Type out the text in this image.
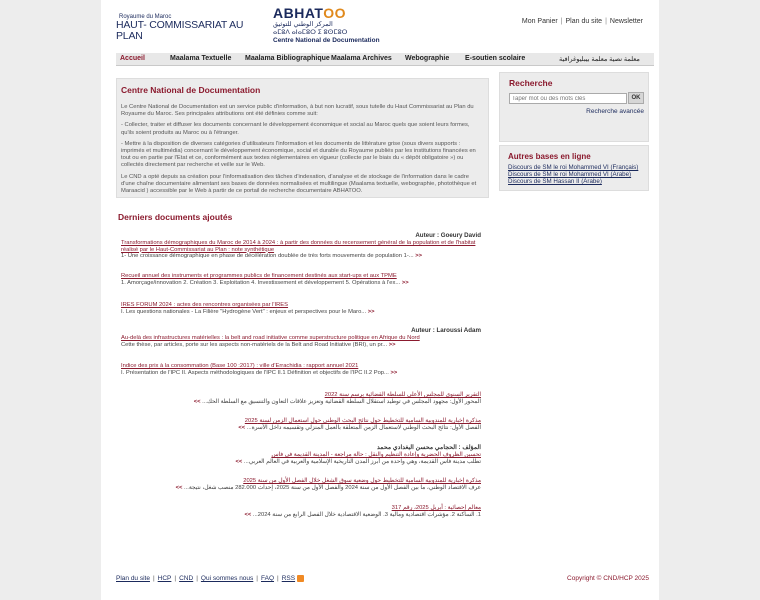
Royaume du Maroc
HAUT- COMMISSARIAT AU PLAN
ABHATOO
المركز الوطني للتوثيق
ⴰⵎⵓⴷ ⴰⵏⴰⵎⵓⵔ ⵉ ⵓⵙⵎⵓⵔ
Centre National de Documentation
Mon Panier | Plan du site | Newsletter
Accueil	Maalama Textuelle Maalama Bibliographique Maalama Archives Webographie E-soutien scolaire	معلمة نصية معلمة بيبليوغرافية
Centre National de Documentation

Le Centre National de Documentation est un service public d'information, à but non lucratif, sous tutelle du Haut Commissariat au Plan du Royaume du Maroc. Ses principales attributions ont été définies comme suit:

- Collecter, traiter et diffuser les documents concernant le développement économique et social au Maroc quels que soient leurs formes, qu'ils soient produits au Maroc ou à l'étranger.

- Mettre à la disposition de diverses catégories d'utilisateurs l'information et les documents de littérature grise (sous divers supports : imprimés et multimédia) concernant le développement économique, social et durable du Royaume publiés par les institutions financées en tout ou en partie par l'Etat et ce, conformément aux textes réglementaires en vigueur (collecte par le biais du « dépôt obligatoire ») ou collectés directement par recherche et veille sur le Web.

Le CND a opté depuis sa création pour l'informatisation des tâches d'indexation, d'analyse et de stockage de l'information dans le cadre d'une chaîne documentaire alimentant ses bases de données normalisées et multilingue (Maalama textuelle, webographie, photothèque et Maraacid ) accessible par le Web à partir de ce portail de recherche documentaire ABHATOO.

Derniers documents ajoutés
Auteur : Goeury David
Transformations démographiques du Maroc de 2014 à 2024 : à partir des données du recensement général de la population et de l'habitat réalisé par le Haut-Commissariat au Plan : note synthétique
1- Une croissance démographique en phase de décélération doublée de très forts mouvements de population 1-... >>
Recueil annuel des instruments et programmes publics de financement destinés aux start-ups et aux TPME
1. Amorçage/innovation 2. Création 3. Exploitation 4. Investissement et développement 5. Opérations à l'ex... >>
IRES FORUM 2024 : actes des rencontres organisées par l'IRES
I. Les questions nationales - La Filière "Hydrogène Vert" : enjeux et perspectives pour le Maro... >>
Auteur : Laroussi Adam
Au-delà des infrastructures matérielles : la belt and road initiative comme superstructure politique en Afrique du Nord
Cette thèse, par articles, porte sur les aspects non-matériels de la Belt and Road Initiative (BRI), un pr... >>
Indice des prix à la consommation (Base 100 :2017) : ville d'Errachidia : rapport annuel 2021
I. Présentation de l'IPC II. Aspects méthodologiques de l'IPC II.1 Définition et objectifs de l'IPC II.2 Pop... >>
التقرير السنوي للمجلس الأعلى للسلطة القضائية برسم سنة 2022
المحور الأول: مجهود المجلس في توطيد استقلال السلطة القضائية وتعزيز علاقات التعاون والتنسيق مع السلطة الحك... >>
مذكرة إخبارية للمندوبية السامية للتخطيط حول نتائج البحث الوطني حول استعمال الزمن لسنة 2025
الفصل الأول: نتائج البحث الوطني لاستعمال الزمن المتعلقة بالعمل المنزلي وتقسيمه داخل الأسرة... >>
المؤلف : الحجامي محسن البغدادي محمد
تحسين الظروف الحضرية وإعادة التنظيم والنقل : حالة مراجعة - المدينة القديمة في فاس
تطلب مدينة فاس القديمة، وهي واحدة من أبرز المدن التاريخية الإسلامية والعربية في العالم العربي... >>
مذكرة إخبارية للمندوبية السامية للتخطيط حول وضعية سوق الشغل خلال الفصل الأول من سنة 2025
عرف الاقتصاد الوطني، ما بين الفصل الأول من سنة 2024 والفصل الأول من سنة 2025، إحداث 282.000 منصب شغل، نتيجة... >>
معالم إحصائية : أبريل 2025، رقم 317
1. الساكنة 2. مؤشرات اقتصادية ومالية 3. الوضعية الاقتصادية خلال الفصل الرابع من سنة 2024... >>
Recherche
Taper mot ou des mots clés
OK
Recherche avancée
Autres bases en ligne
Discours de SM le roi Mohammed VI (Français)
Discours de SM le roi Mohammed VI (Arabe)
Discours de SM Hassan II (Arabe)
Plan du site | HCP | CND | Qui sommes nous | FAQ | RSS	Copyright © CND/HCP 2025
